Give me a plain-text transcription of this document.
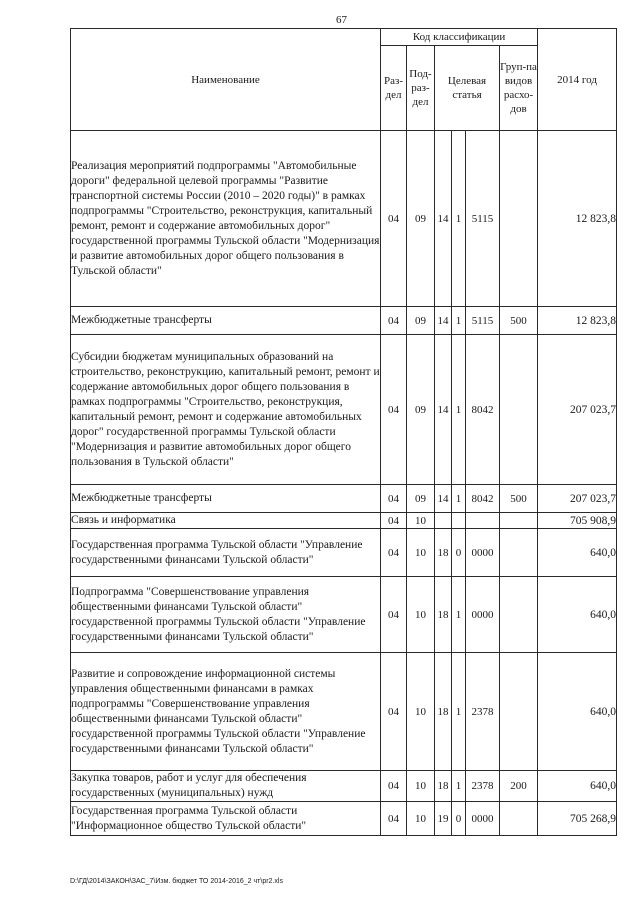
67
Наименование	Код классификации						2014 год
	Раз-дел	Под-раз-дел	Целевая статья			Груп-па видов расхо-дов	
Реализация мероприятий подпрограммы "Автомобильные дороги" федеральной целевой программы "Развитие транспортной системы России (2010 – 2020 годы)" в рамках подпрограммы "Строительство, реконструкция, капитальный ремонт, ремонт и содержание автомобильных дорог" государственной программы Тульской области "Модернизация и развитие автомобильных дорог общего пользования в Тульской области"	04	09	14	1	5115		12 823,8
Межбюджетные трансферты	04	09	14	1	5115	500	12 823,8
Субсидии бюджетам муниципальных образований на строительство, реконструкцию, капитальный ремонт, ремонт и содержание автомобильных дорог общего пользования в рамках подпрограммы "Строительство, реконструкция, капитальный ремонт, ремонт и содержание автомобильных дорог" государственной программы Тульской области "Модернизация и развитие автомобильных дорог общего пользования в Тульской области"	04	09	14	1	8042		207 023,7
Межбюджетные трансферты	04	09	14	1	8042	500	207 023,7
Связь и информатика	04	10					705 908,9
Государственная программа Тульской области "Управление государственными финансами Тульской области"	04	10	18	0	0000		640,0
Подпрограмма "Совершенствование управления общественными финансами Тульской области" государственной программы Тульской области "Управление государственными финансами Тульской области"	04	10	18	1	0000		640,0
Развитие и сопровождение информационной системы управления общественными финансами в рамках подпрограммы "Совершенствование управления общественными финансами Тульской области" государственной программы Тульской области "Управление государственными финансами Тульской области"	04	10	18	1	2378		640,0
Закупка товаров, работ и услуг для обеспечения государственных (муниципальных) нужд	04	10	18	1	2378	200	640,0
Государственная программа Тульской области "Информационное общество Тульской области"	04	10	19	0	0000		705 268,9
D:\ГД\2014\ЗАКОН\ЗАС_7\Изм. бюджет ТО 2014-2016_2 чт\pr2.xls
